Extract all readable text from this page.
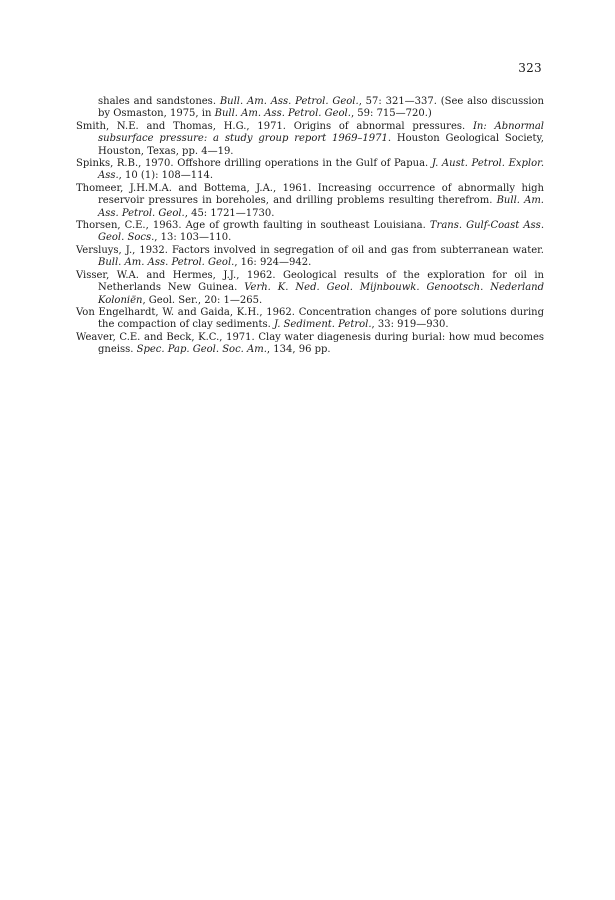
323

shales and sandstones. Bull. Am. Ass. Petrol. Geol., 57: 321—337. (See also discussion by Osmaston, 1975, in Bull. Am. Ass. Petrol. Geol., 59: 715—720.)

Smith, N.E. and Thomas, H.G., 1971. Origins of abnormal pressures. In: Abnormal subsurface pressure: a study group report 1969–1971. Houston Geological Society, Houston, Texas, pp. 4—19.

Spinks, R.B., 1970. Offshore drilling operations in the Gulf of Papua. J. Aust. Petrol. Explor. Ass., 10 (1): 108—114.

Thomeer, J.H.M.A. and Bottema, J.A., 1961. Increasing occurrence of abnormally high reservoir pressures in boreholes, and drilling problems resulting therefrom. Bull. Am. Ass. Petrol. Geol., 45: 1721—1730.

Thorsen, C.E., 1963. Age of growth faulting in southeast Louisiana. Trans. Gulf-Coast Ass. Geol. Socs., 13: 103—110.

Versluys, J., 1932. Factors involved in segregation of oil and gas from subterranean water. Bull. Am. Ass. Petrol. Geol., 16: 924—942.

Visser, W.A. and Hermes, J.J., 1962. Geological results of the exploration for oil in Netherlands New Guinea. Verh. K. Ned. Geol. Mijnbouwk. Genootsch. Nederland Koloniën, Geol. Ser., 20: 1—265.

Von Engelhardt, W. and Gaida, K.H., 1962. Concentration changes of pore solutions during the compaction of clay sediments. J. Sediment. Petrol., 33: 919—930.

Weaver, C.E. and Beck, K.C., 1971. Clay water diagenesis during burial: how mud becomes gneiss. Spec. Pap. Geol. Soc. Am., 134, 96 pp.
